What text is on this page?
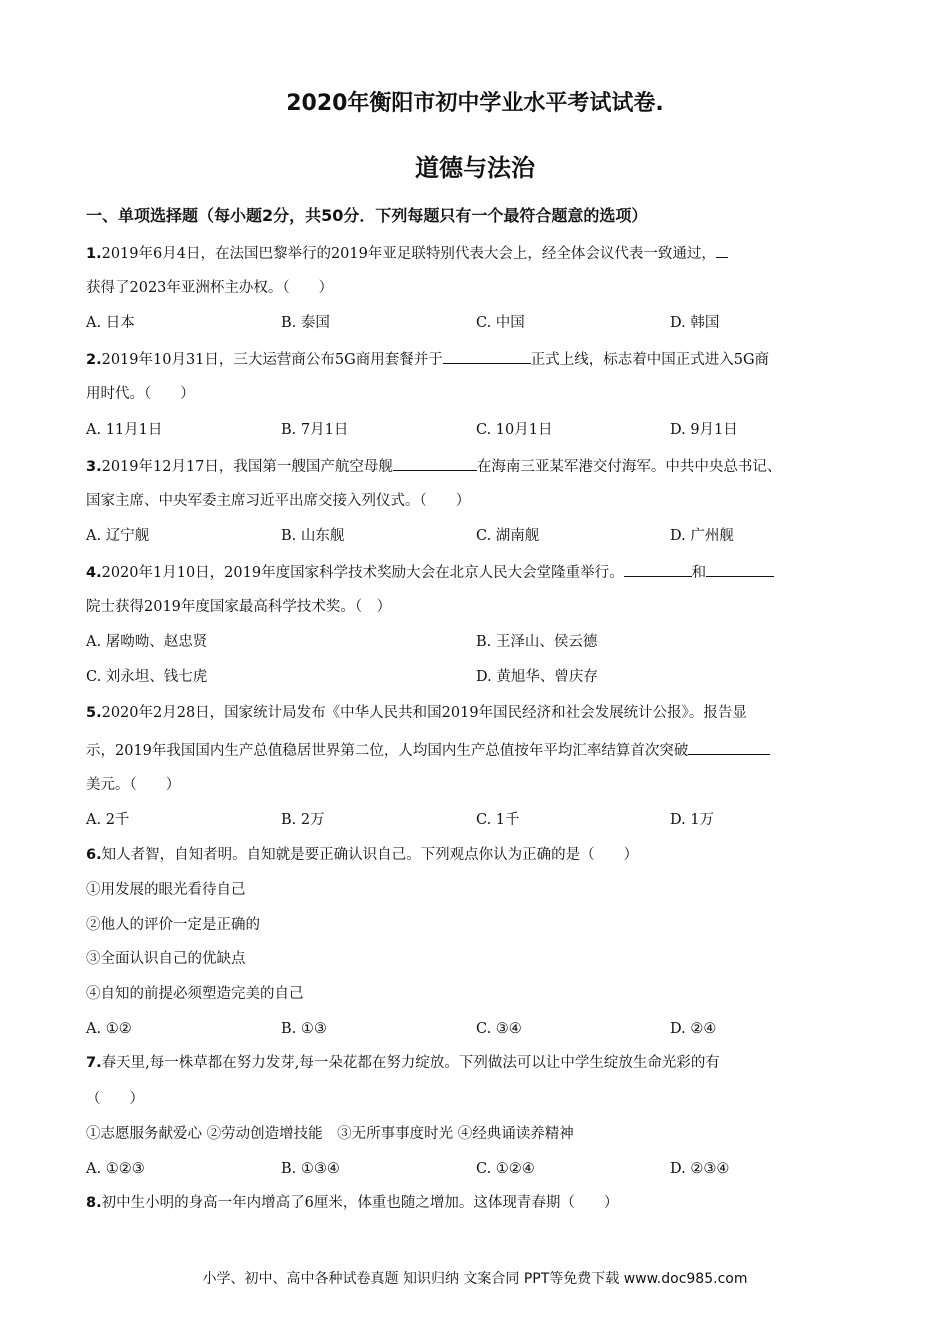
2020年衡阳市初中学业水平考试试卷.
道德与法治
一、单项选择题（每小题2分，共50分．下列每题只有一个最符合题意的选项）
1.2019年6月4日，在法国巴黎举行的2019年亚足联特别代表大会上，经全体会议代表一致通过，
获得了2023年亚洲杯主办权。（　　）
A. 日本	B. 泰国	C. 中国	D. 韩国
2.2019年10月31日，三大运营商公布5G商用套餐并于	正式上线，标志着中国正式进入5G商
用时代。（　　）
A. 11月1日	B. 7月1日	C. 10月1日	D. 9月1日
3.2019年12月17日，我国第一艘国产航空母舰	在海南三亚某军港交付海军。中共中央总书记、
国家主席、中央军委主席习近平出席交接入列仪式。（　　）
A. 辽宁舰	B. 山东舰	C. 湖南舰	D. 广州舰
4.2020年1月10日，2019年度国家科学技术奖励大会在北京人民大会堂隆重举行。	和
院士获得2019年度国家最高科学技术奖。（　）
A. 屠呦呦、赵忠贤	B. 王泽山、侯云德
C. 刘永坦、钱七虎	D. 黄旭华、曾庆存
5.2020年2月28日，国家统计局发布《中华人民共和国2019年国民经济和社会发展统计公报》。报告显
示，2019年我国国内生产总值稳居世界第二位，人均国内生产总值按年平均汇率结算首次突破
美元。（　　）
A. 2千	B. 2万	C. 1千	D. 1万
6.知人者智，自知者明。自知就是要正确认识自己。下列观点你认为正确的是（　　）
①用发展的眼光看待自己
②他人的评价一定是正确的
③全面认识自己的优缺点
④自知的前提必须塑造完美的自己
A. ①②	B. ①③	C. ③④	D. ②④
7.春天里,每一株草都在努力发芽,每一朵花都在努力绽放。下列做法可以让中学生绽放生命光彩的有
（　　）
①志愿服务献爱心 ②劳动创造增技能　③无所事事度时光 ④经典诵读养精神
A. ①②③	B. ①③④	C. ①②④	D. ②③④
8.初中生小明的身高一年内增高了6厘米，体重也随之增加。这体现青春期（　　）
小学、初中、高中各种试卷真题 知识归纳 文案合同 PPT等免费下载 www.doc985.com
